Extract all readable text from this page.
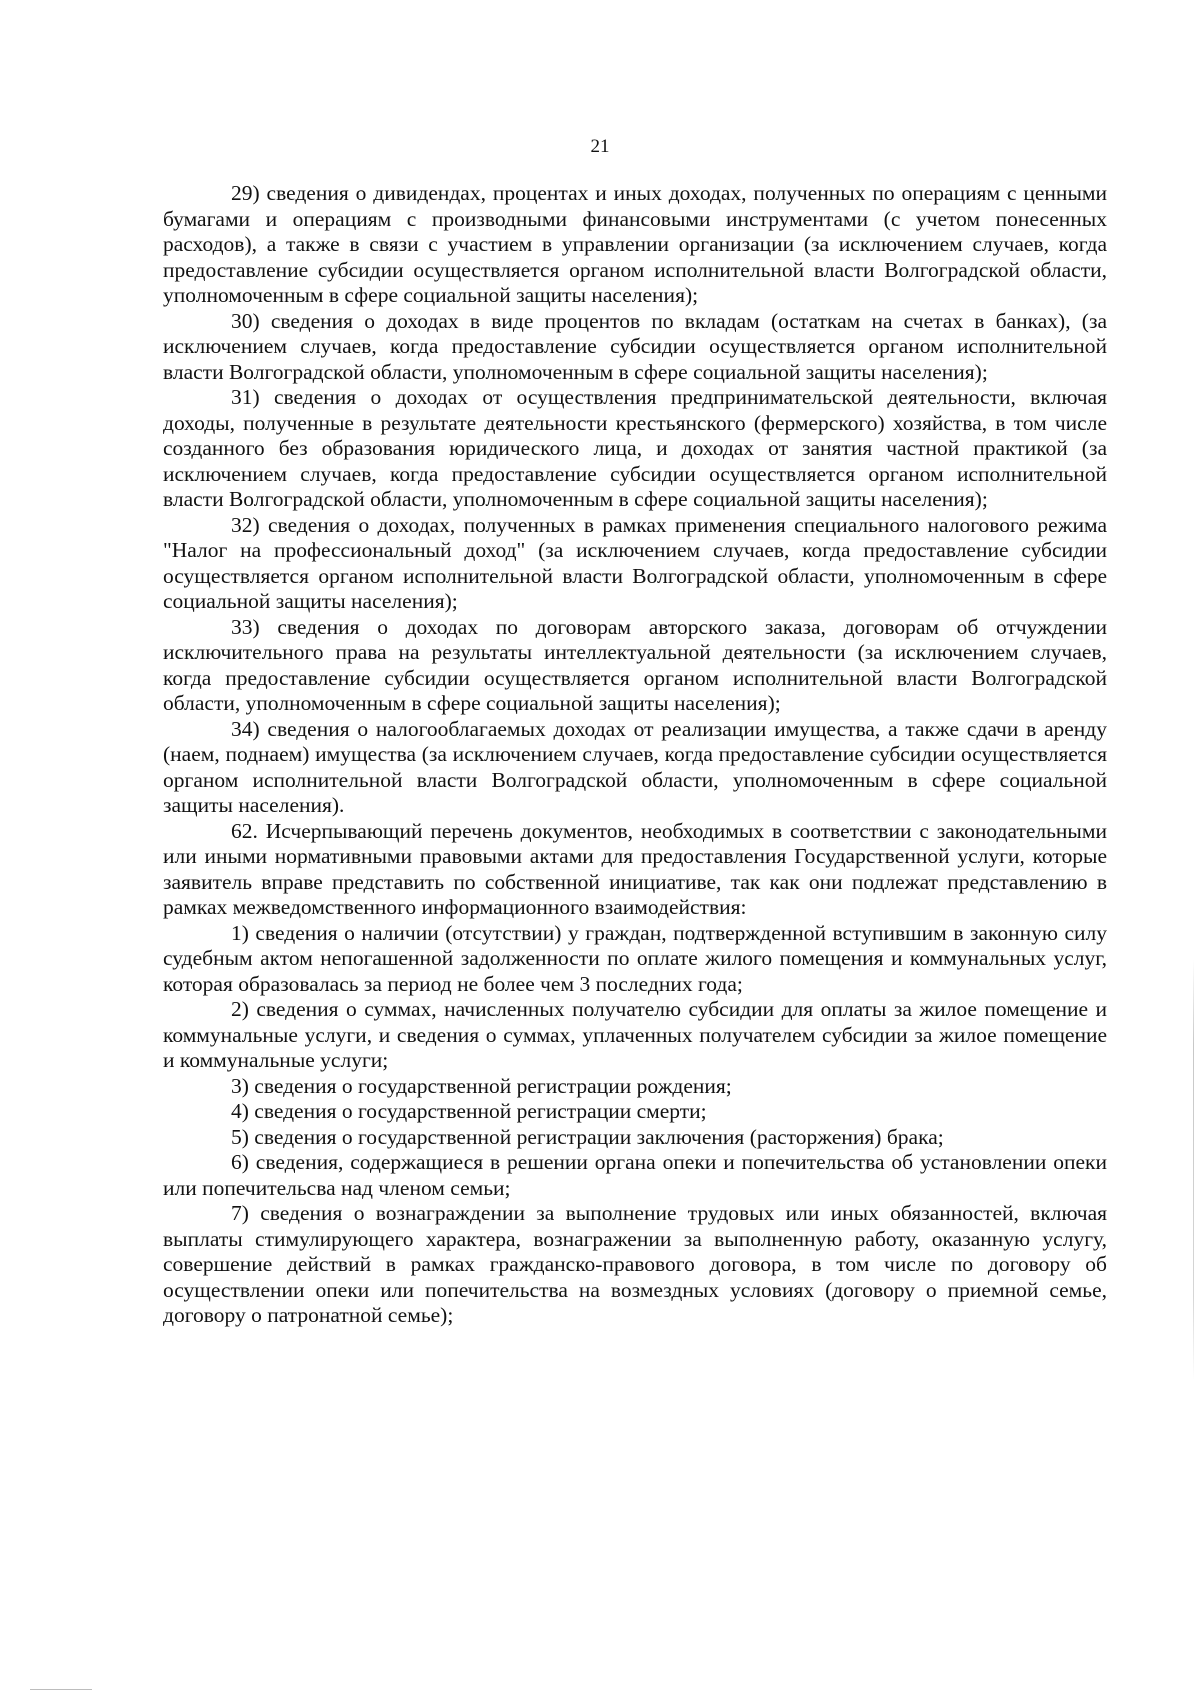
21

29) сведения о дивидендах, процентах и иных доходах, полученных по операциям с ценными бумагами и операциям с производными финансовыми инструментами (с учетом понесенных расходов), а также в связи с участием в управлении организации (за исключением случаев, когда предоставление субсидии осуществляется органом исполнительной власти Волгоградской области, уполномоченным в сфере социальной защиты населения);

30) сведения о доходах в виде процентов по вкладам (остаткам на счетах в банках), (за исключением случаев, когда предоставление субсидии осуществляется органом исполнительной власти Волгоградской области, уполномоченным в сфере социальной защиты населения);

31) сведения о доходах от осуществления предпринимательской деятельности, включая доходы, полученные в результате деятельности крестьянского (фермерского) хозяйства, в том числе созданного без образования юридического лица, и доходах от занятия частной практикой (за исключением случаев, когда предоставление субсидии осуществляется органом исполнительной власти Волгоградской области, уполномоченным в сфере социальной защиты населения);

32) сведения о доходах, полученных в рамках применения специального налогового режима "Налог на профессиональный доход" (за исключением случаев, когда предоставление субсидии осуществляется органом исполнительной власти Волгоградской области, уполномоченным в сфере социальной защиты населения);

33) сведения о доходах по договорам авторского заказа, договорам об отчуждении исключительного права на результаты интеллектуальной деятельности (за исключением случаев, когда предоставление субсидии осуществляется органом исполнительной власти Волгоградской области, уполномоченным в сфере социальной защиты населения);

34) сведения о налогооблагаемых доходах от реализации имущества, а также сдачи в аренду (наем, поднаем) имущества (за исключением случаев, когда предоставление субсидии осуществляется органом исполнительной власти Волгоградской области, уполномоченным в сфере социальной защиты населения).

62. Исчерпывающий перечень документов, необходимых в соответствии с законодательными или иными нормативными правовыми актами для предоставления Государственной услуги, которые заявитель вправе представить по собственной инициативе, так как они подлежат представлению в рамках межведомственного информационного взаимодействия:

1) сведения о наличии (отсутствии) у граждан, подтвержденной вступившим в законную силу судебным актом непогашенной задолженности по оплате жилого помещения и коммунальных услуг, которая образовалась за период не более чем 3 последних года;

2) сведения о суммах, начисленных получателю субсидии для оплаты за жилое помещение и коммунальные услуги, и сведения о суммах, уплаченных получателем субсидии за жилое помещение и коммунальные услуги;

3) сведения о государственной регистрации рождения;

4) сведения о государственной регистрации смерти;

5) сведения о государственной регистрации заключения (расторжения) брака;

6) сведения, содержащиеся в решении органа опеки и попечительства об установлении опеки или попечительсва над членом семьи;

7) сведения о вознаграждении за выполнение трудовых или иных обязанностей, включая выплаты стимулирующего характера, вознагражении за выполненную работу, оказанную услугу, совершение действий в рамках гражданско-правового договора, в том числе по договору об осуществлении опеки или попечительства на возмездных условиях (договору о приемной семье, договору о патронатной семье);
